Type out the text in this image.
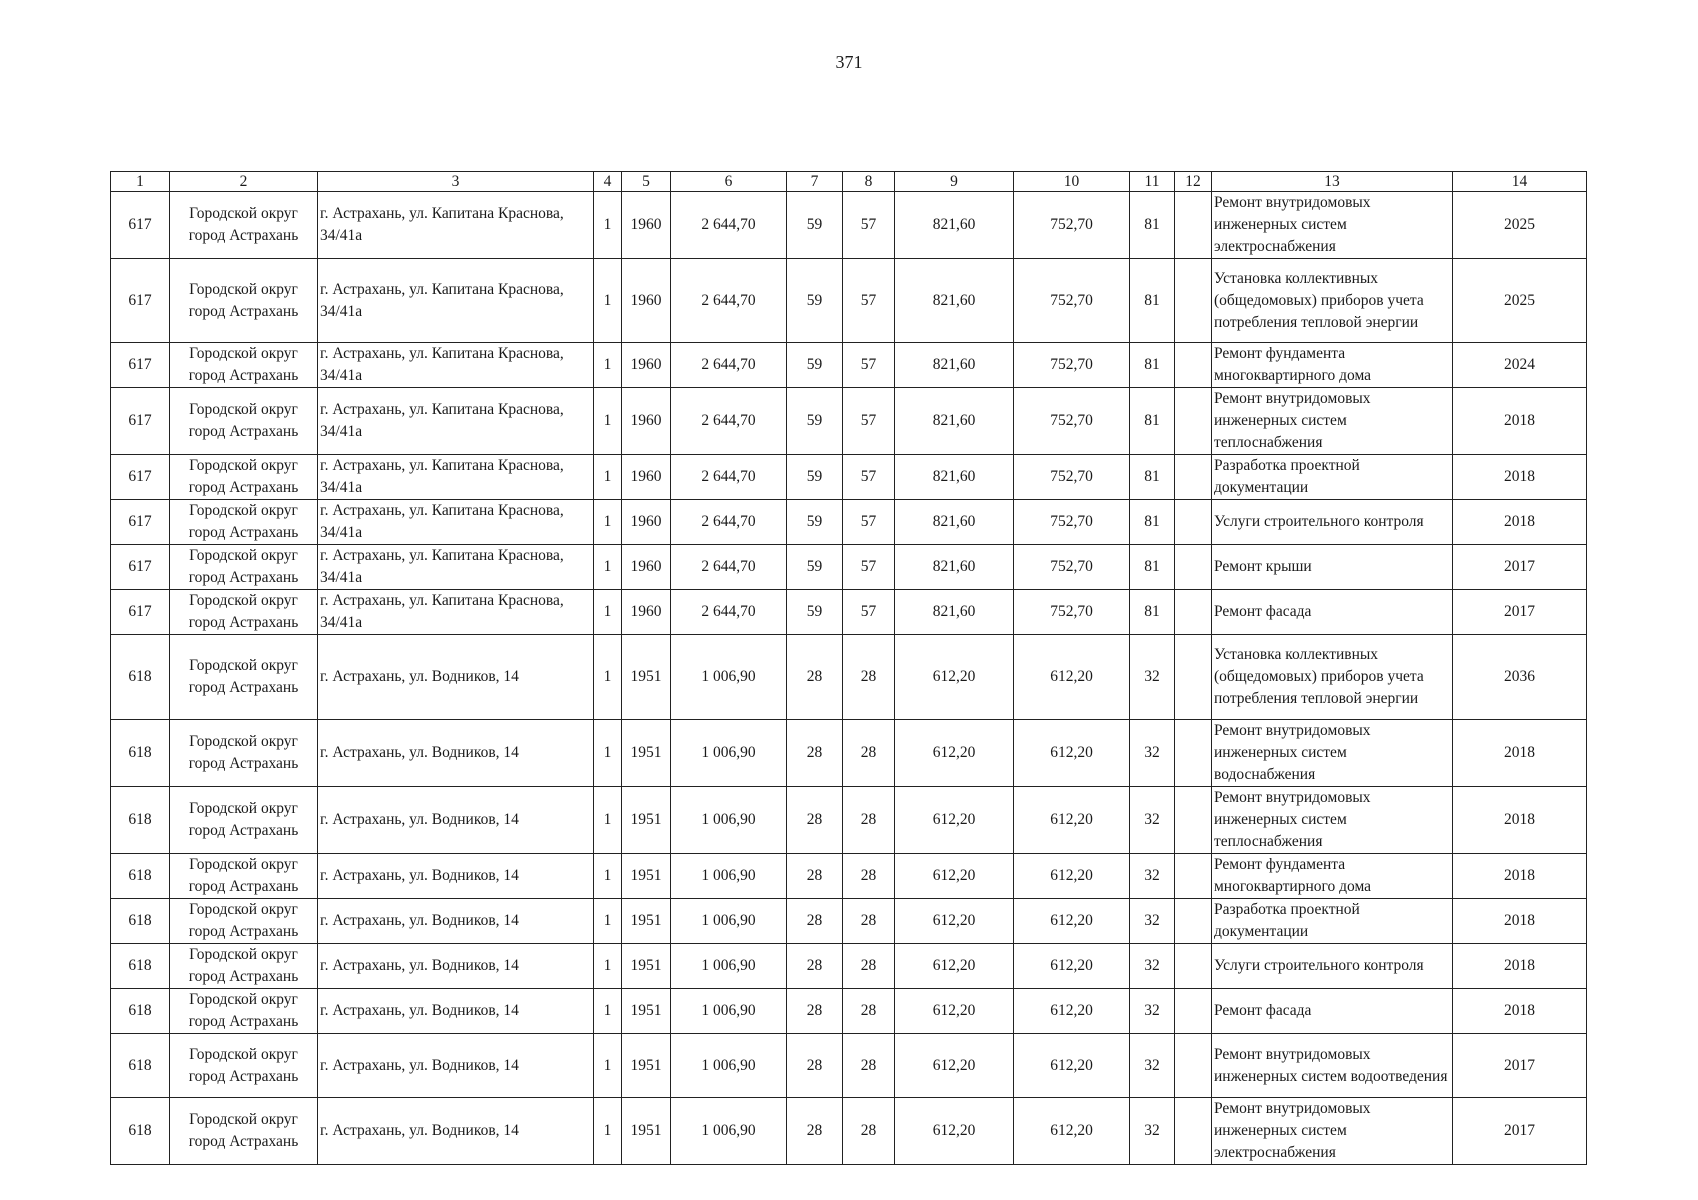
371
1	2	3	4	5	6	7	8	9	10	11	12	13	14
617	Городской округ город Астрахань	г. Астрахань, ул. Капитана Краснова, 34/41а	1	1960	2 644,70	59	57	821,60	752,70	81		Ремонт внутридомовых инженерных систем электроснабжения	2025
617	Городской округ город Астрахань	г. Астрахань, ул. Капитана Краснова, 34/41а	1	1960	2 644,70	59	57	821,60	752,70	81		Установка коллективных (общедомовых) приборов учета потребления тепловой энергии	2025
617	Городской округ город Астрахань	г. Астрахань, ул. Капитана Краснова, 34/41а	1	1960	2 644,70	59	57	821,60	752,70	81		Ремонт фундамента многоквартирного дома	2024
617	Городской округ город Астрахань	г. Астрахань, ул. Капитана Краснова, 34/41а	1	1960	2 644,70	59	57	821,60	752,70	81		Ремонт внутридомовых инженерных систем теплоснабжения	2018
617	Городской округ город Астрахань	г. Астрахань, ул. Капитана Краснова, 34/41а	1	1960	2 644,70	59	57	821,60	752,70	81		Разработка проектной документации	2018
617	Городской округ город Астрахань	г. Астрахань, ул. Капитана Краснова, 34/41а	1	1960	2 644,70	59	57	821,60	752,70	81		Услуги строительного контроля	2018
617	Городской округ город Астрахань	г. Астрахань, ул. Капитана Краснова, 34/41а	1	1960	2 644,70	59	57	821,60	752,70	81		Ремонт крыши	2017
617	Городской округ город Астрахань	г. Астрахань, ул. Капитана Краснова, 34/41а	1	1960	2 644,70	59	57	821,60	752,70	81		Ремонт фасада	2017
618	Городской округ город Астрахань	г. Астрахань, ул. Водников, 14	1	1951	1 006,90	28	28	612,20	612,20	32		Установка коллективных (общедомовых) приборов учета потребления тепловой энергии	2036
618	Городской округ город Астрахань	г. Астрахань, ул. Водников, 14	1	1951	1 006,90	28	28	612,20	612,20	32		Ремонт внутридомовых инженерных систем водоснабжения	2018
618	Городской округ город Астрахань	г. Астрахань, ул. Водников, 14	1	1951	1 006,90	28	28	612,20	612,20	32		Ремонт внутридомовых инженерных систем теплоснабжения	2018
618	Городской округ город Астрахань	г. Астрахань, ул. Водников, 14	1	1951	1 006,90	28	28	612,20	612,20	32		Ремонт фундамента многоквартирного дома	2018
618	Городской округ город Астрахань	г. Астрахань, ул. Водников, 14	1	1951	1 006,90	28	28	612,20	612,20	32		Разработка проектной документации	2018
618	Городской округ город Астрахань	г. Астрахань, ул. Водников, 14	1	1951	1 006,90	28	28	612,20	612,20	32		Услуги строительного контроля	2018
618	Городской округ город Астрахань	г. Астрахань, ул. Водников, 14	1	1951	1 006,90	28	28	612,20	612,20	32		Ремонт фасада	2018
618	Городской округ город Астрахань	г. Астрахань, ул. Водников, 14	1	1951	1 006,90	28	28	612,20	612,20	32		Ремонт внутридомовых инженерных систем водоотведения	2017
618	Городской округ город Астрахань	г. Астрахань, ул. Водников, 14	1	1951	1 006,90	28	28	612,20	612,20	32		Ремонт внутридомовых инженерных систем электроснабжения	2017
